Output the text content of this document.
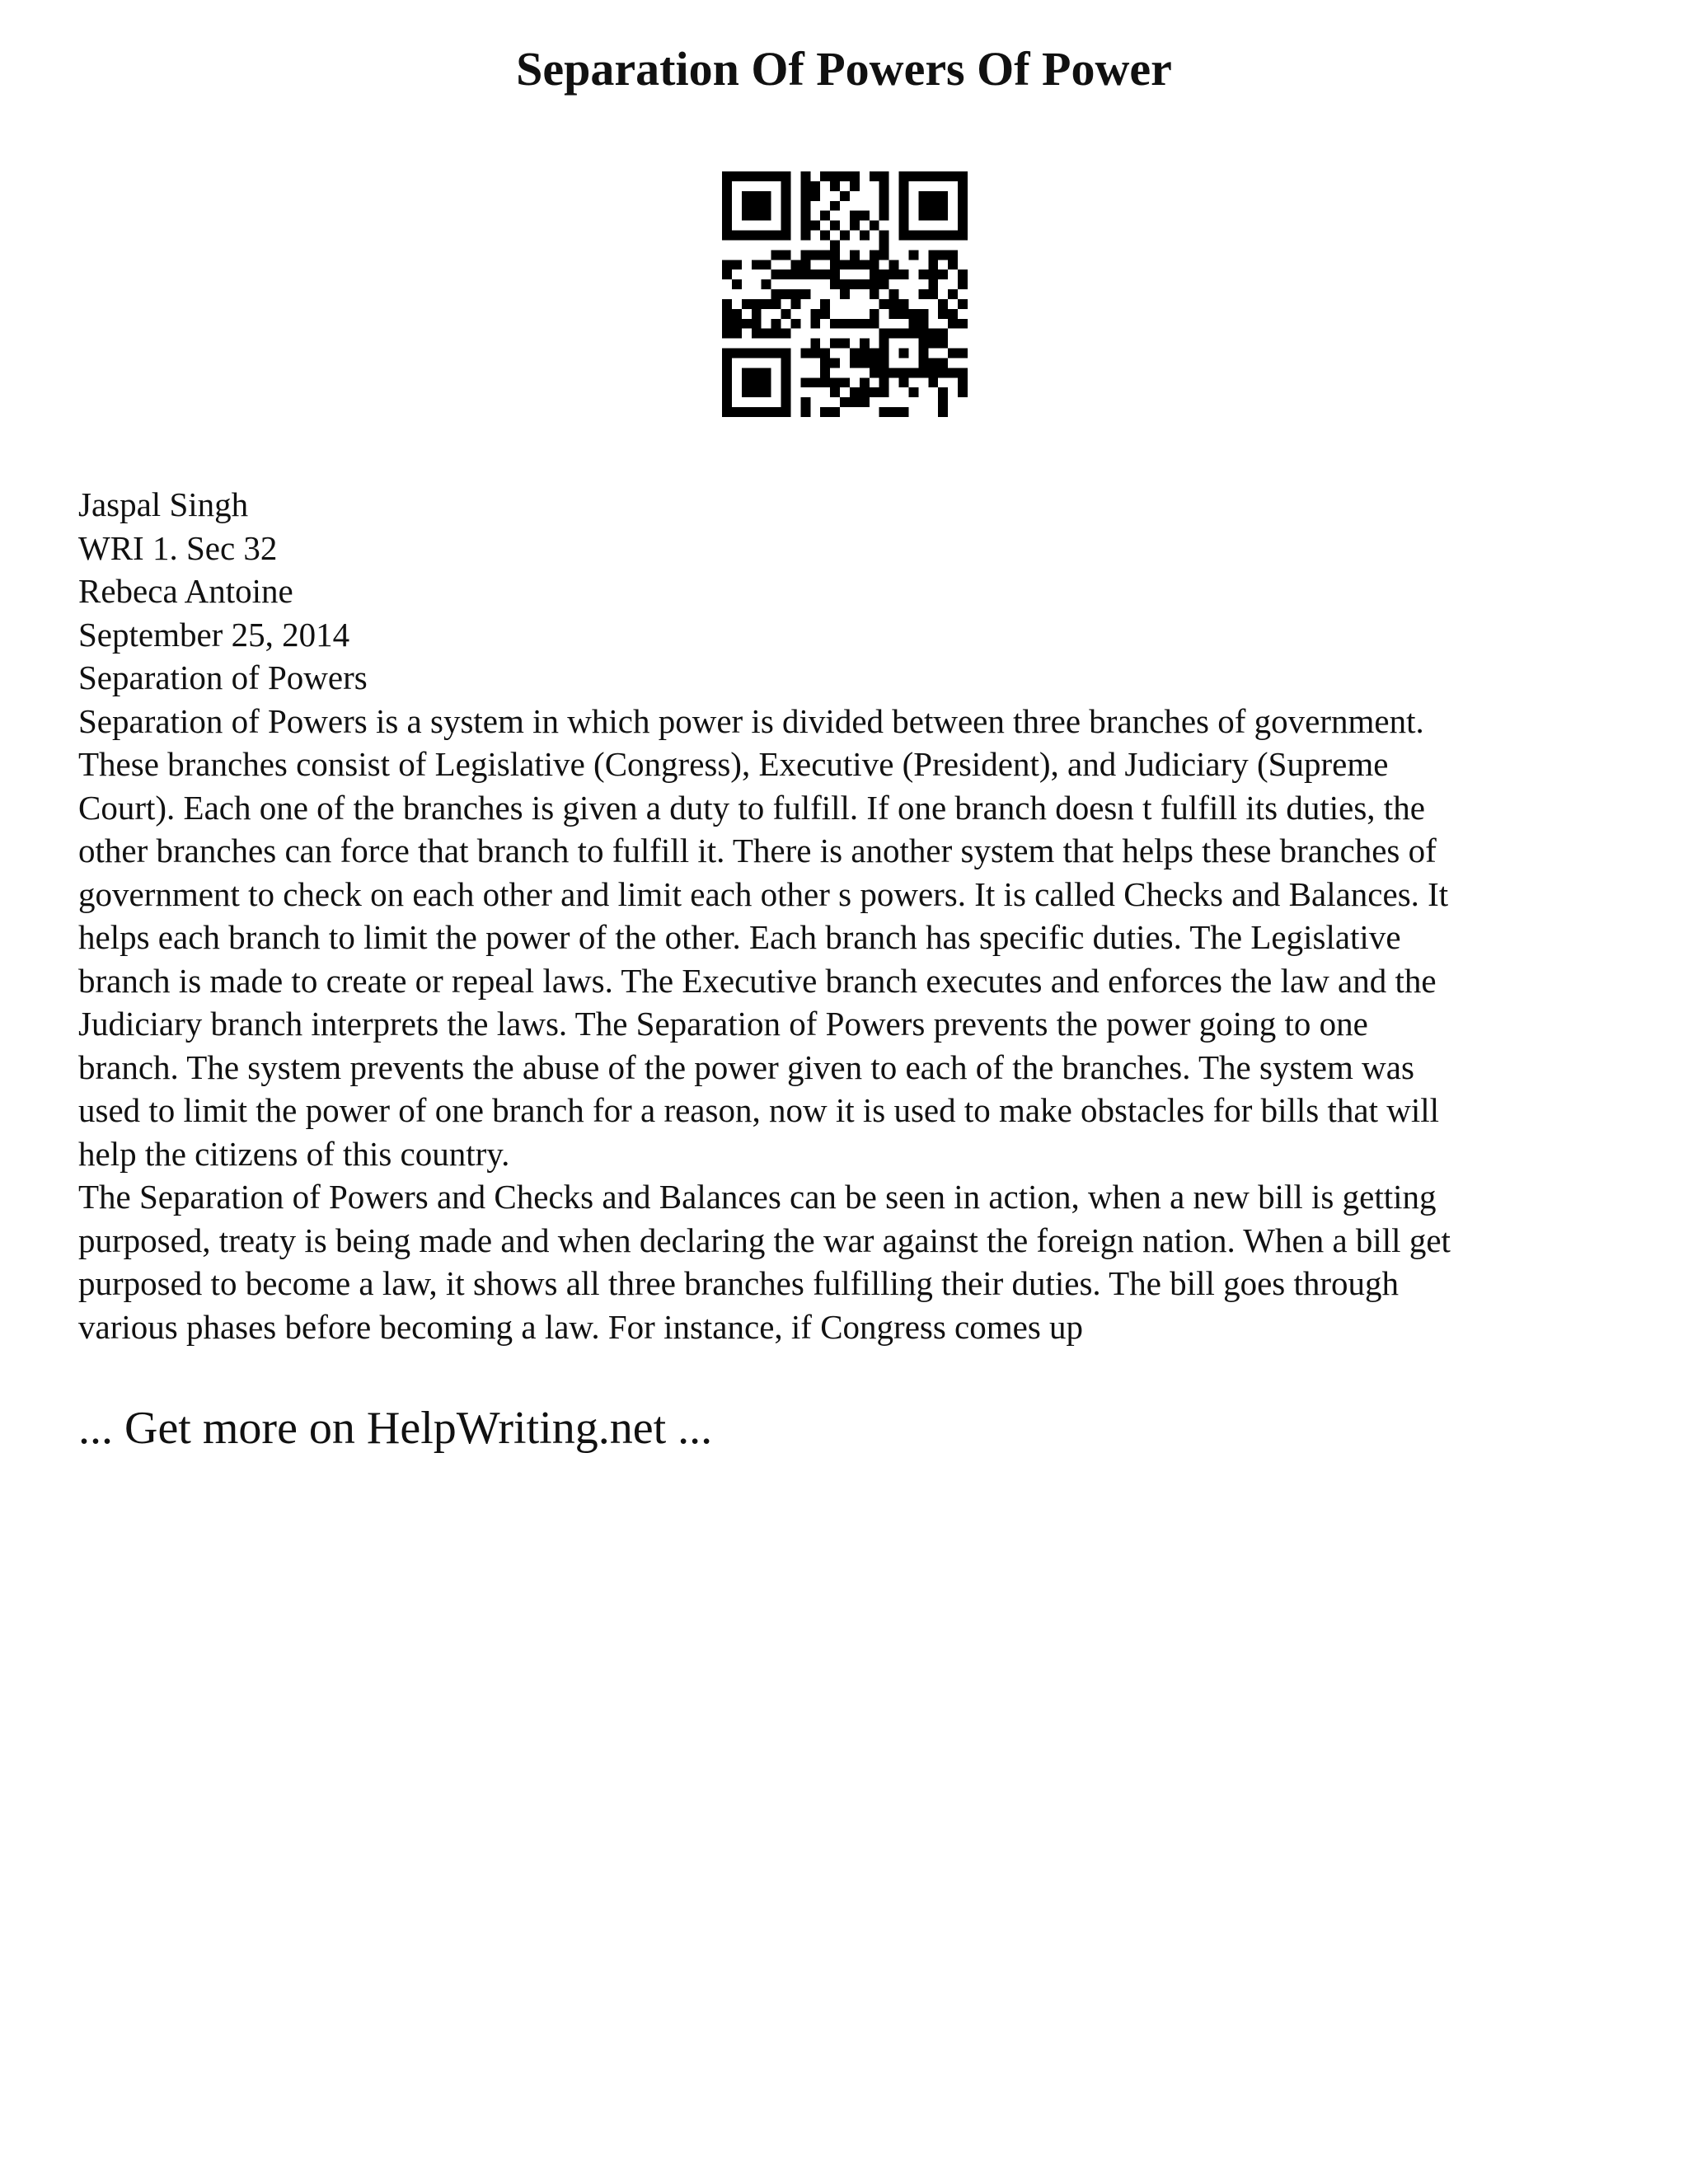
Separation Of Powers Of Power
Jaspal Singh
WRI 1. Sec 32
Rebeca Antoine
September 25, 2014
Separation of Powers
Separation of Powers is a system in which power is divided between three branches of government.
These branches consist of Legislative (Congress), Executive (President), and Judiciary (Supreme
Court). Each one of the branches is given a duty to fulfill. If one branch doesn t fulfill its duties, the
other branches can force that branch to fulfill it. There is another system that helps these branches of
government to check on each other and limit each other s powers. It is called Checks and Balances. It
helps each branch to limit the power of the other. Each branch has specific duties. The Legislative
branch is made to create or repeal laws. The Executive branch executes and enforces the law and the
Judiciary branch interprets the laws. The Separation of Powers prevents the power going to one
branch. The system prevents the abuse of the power given to each of the branches. The system was
used to limit the power of one branch for a reason, now it is used to make obstacles for bills that will
help the citizens of this country.
The Separation of Powers and Checks and Balances can be seen in action, when a new bill is getting
purposed, treaty is being made and when declaring the war against the foreign nation. When a bill get
purposed to become a law, it shows all three branches fulfilling their duties. The bill goes through
various phases before becoming a law. For instance, if Congress comes up
... Get more on HelpWriting.net ...
